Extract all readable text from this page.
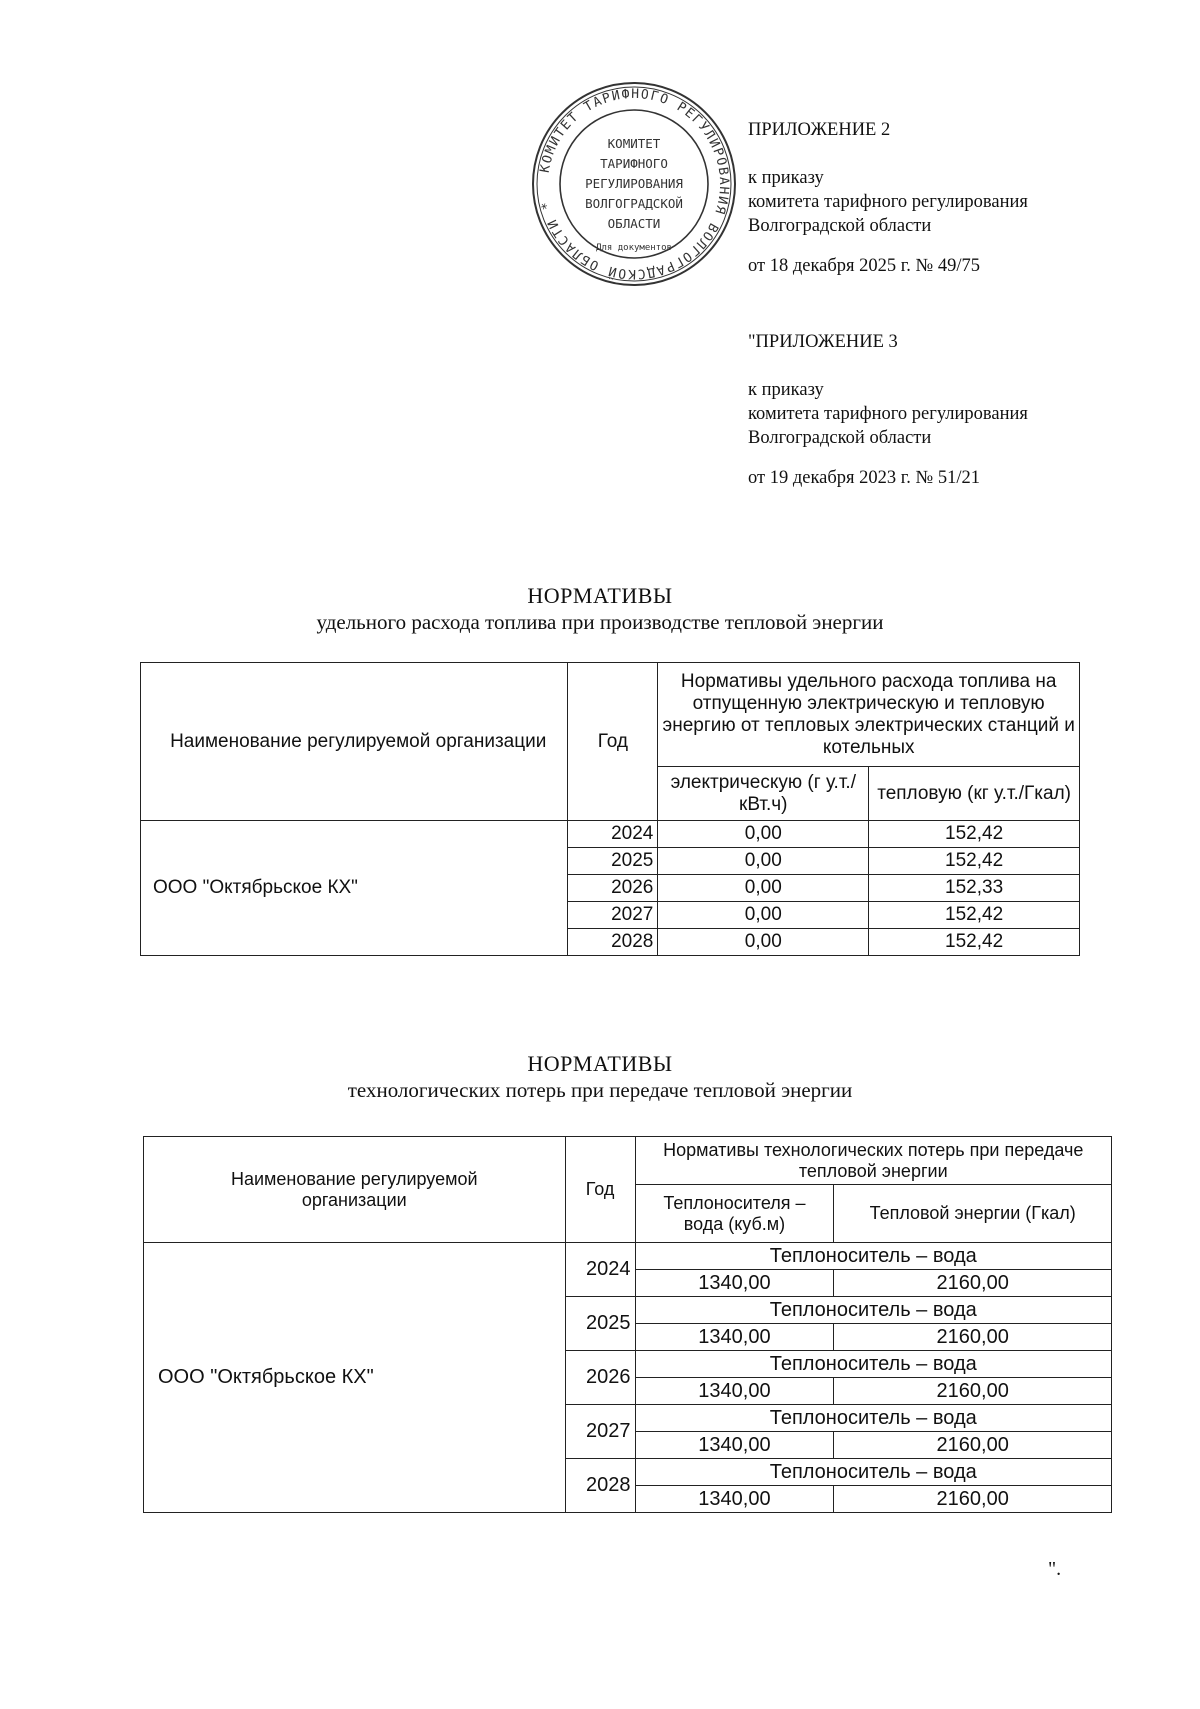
КОМИТЕТ ТАРИФНОГО РЕГУЛИРОВАНИЯ ВОЛГОГРАДСКОЙ ОБЛАСТИ *
КОМИТЕТ
ТАРИФНОГО
РЕГУЛИРОВАНИЯ
ВОЛГОГРАДСКОЙ
ОБЛАСТИ
Для документов
ПРИЛОЖЕНИЕ 2
к приказу
комитета тарифного регулирования
Волгоградской области
от 18 декабря 2025 г. № 49/75
"ПРИЛОЖЕНИЕ 3
к приказу
комитета тарифного регулирования
Волгоградской области
от 19 декабря 2023 г. № 51/21
НОРМАТИВЫ
удельного расхода топлива при производстве тепловой энергии
Наименование регулируемой организации	Год	Нормативы удельного расхода топлива на отпущенную электрическую и тепловую энергию от тепловых электрических станций и котельных	
		электрическую (г у.т./кВт.ч)	тепловую (кг у.т./Гкал)
ООО "Октябрьское КХ"	2024	0,00	152,42
	2025	0,00	152,42
	2026	0,00	152,33
	2027	0,00	152,42
	2028	0,00	152,42
НОРМАТИВЫ
технологических потерь при передаче тепловой энергии
Наименование регулируемой организации	Год	Нормативы технологических потерь при передаче тепловой энергии	
		Теплоносителя – вода (куб.м)	Тепловой энергии (Гкал)
ООО "Октябрьское КХ"	2024	Теплоноситель – вода	
		1340,00	2160,00
	2025	Теплоноситель – вода	
		1340,00	2160,00
	2026	Теплоноситель – вода	
		1340,00	2160,00
	2027	Теплоноситель – вода	
		1340,00	2160,00
	2028	Теплоноситель – вода	
		1340,00	2160,00
".
